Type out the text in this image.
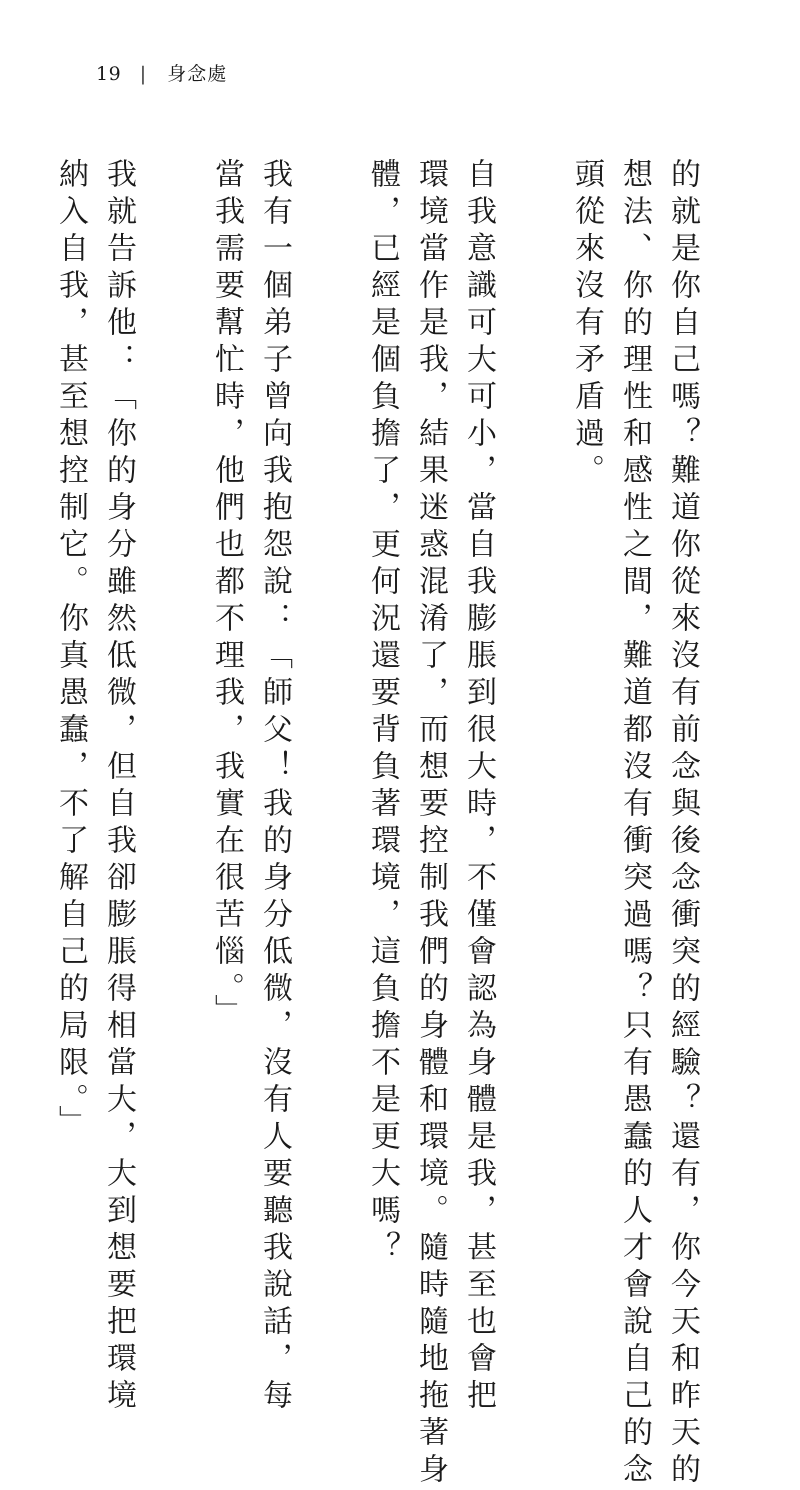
19 | 身念處
的就是你自己嗎？難道你從來沒有前念與後念衝突的經驗？還有，你今天和昨天的
想法、你的理性和感性之間，難道都沒有衝突過嗎？只有愚蠢的人才會說自己的念
頭從來沒有矛盾過。
自我意識可大可小，當自我膨脹到很大時，不僅會認為身體是我，甚至也會把
環境當作是我，結果迷惑混淆了，而想要控制我們的身體和環境。隨時隨地拖著身
體，已經是個負擔了，更何況還要背負著環境，這負擔不是更大嗎？
我有一個弟子曾向我抱怨說：「師父！我的身分低微，沒有人要聽我說話，每
當我需要幫忙時，他們也都不理我，我實在很苦惱。」
我就告訴他：「你的身分雖然低微，但自我卻膨脹得相當大，大到想要把環境
納入自我，甚至想控制它。你真愚蠢，不了解自己的局限。」
